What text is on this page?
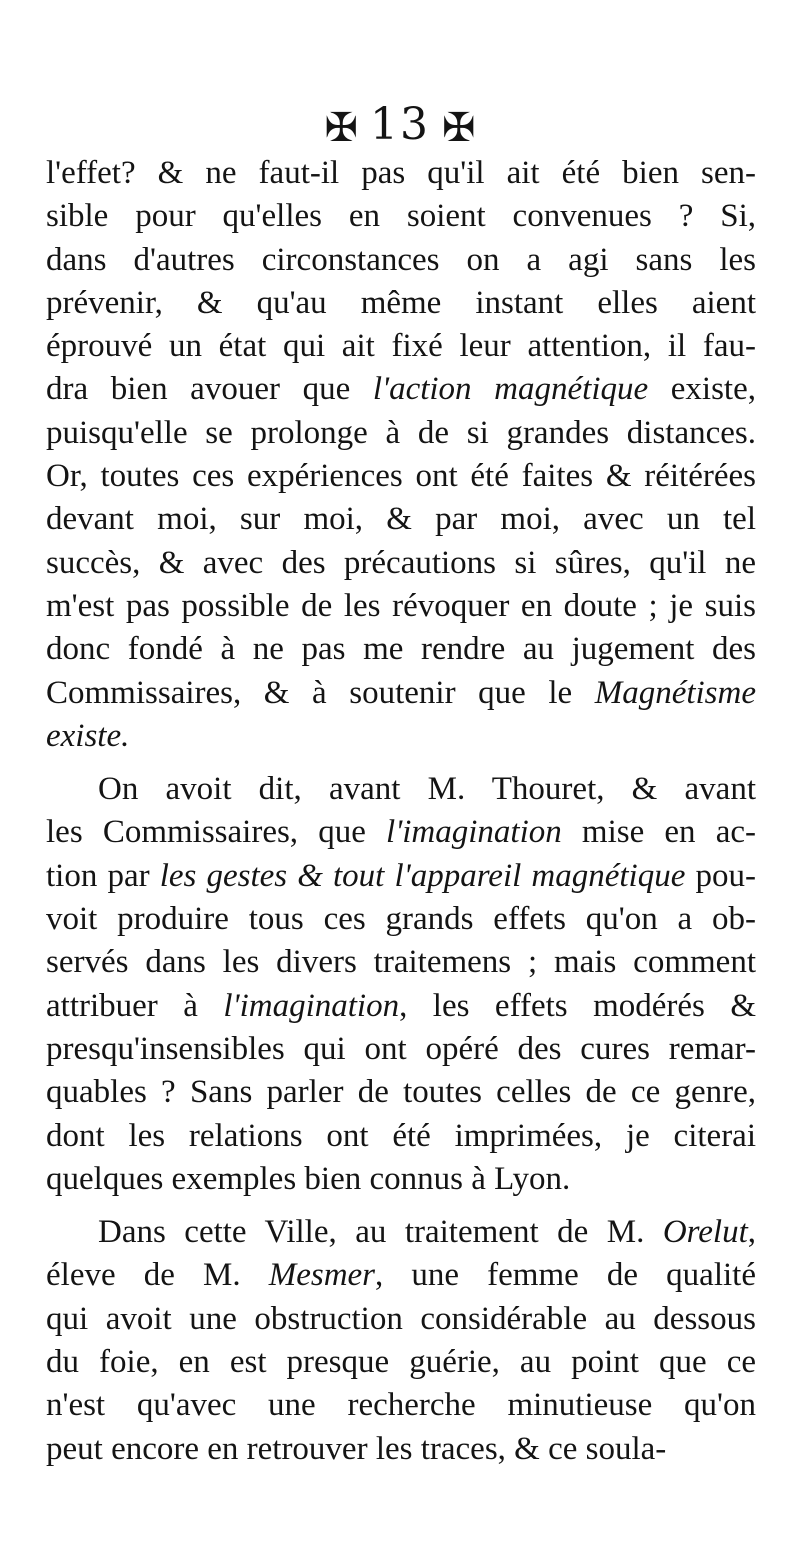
✠ 13 ✠
l'effet? & ne faut-il pas qu'il ait été bien sen-
sible pour qu'elles en soient convenues ? Si,
dans d'autres circonstances on a agi sans les
prévenir, & qu'au même instant elles aient
éprouvé un état qui ait fixé leur attention, il fau-
dra bien avouer que l'action magnétique existe,
puisqu'elle se prolonge à de si grandes distances.
Or, toutes ces expériences ont été faites & réitérées
devant moi, sur moi, & par moi, avec un tel
succès, & avec des précautions si sûres, qu'il ne
m'est pas possible de les révoquer en doute ; je suis
donc fondé à ne pas me rendre au jugement des
Commissaires, & à soutenir que le Magnétisme
existe.
On avoit dit, avant M. Thouret, & avant
les Commissaires, que l'imagination mise en ac-
tion par les gestes & tout l'appareil magnétique pou-
voit produire tous ces grands effets qu'on a ob-
servés dans les divers traitemens ; mais comment
attribuer à l'imagination, les effets modérés &
presqu'insensibles qui ont opéré des cures remar-
quables ? Sans parler de toutes celles de ce genre,
dont les relations ont été imprimées, je citerai
quelques exemples bien connus à Lyon.
Dans cette Ville, au traitement de M. Orelut,
éleve de M. Mesmer, une femme de qualité
qui avoit une obstruction considérable au dessous
du foie, en est presque guérie, au point que ce
n'est qu'avec une recherche minutieuse qu'on
peut encore en retrouver les traces, & ce soula-
